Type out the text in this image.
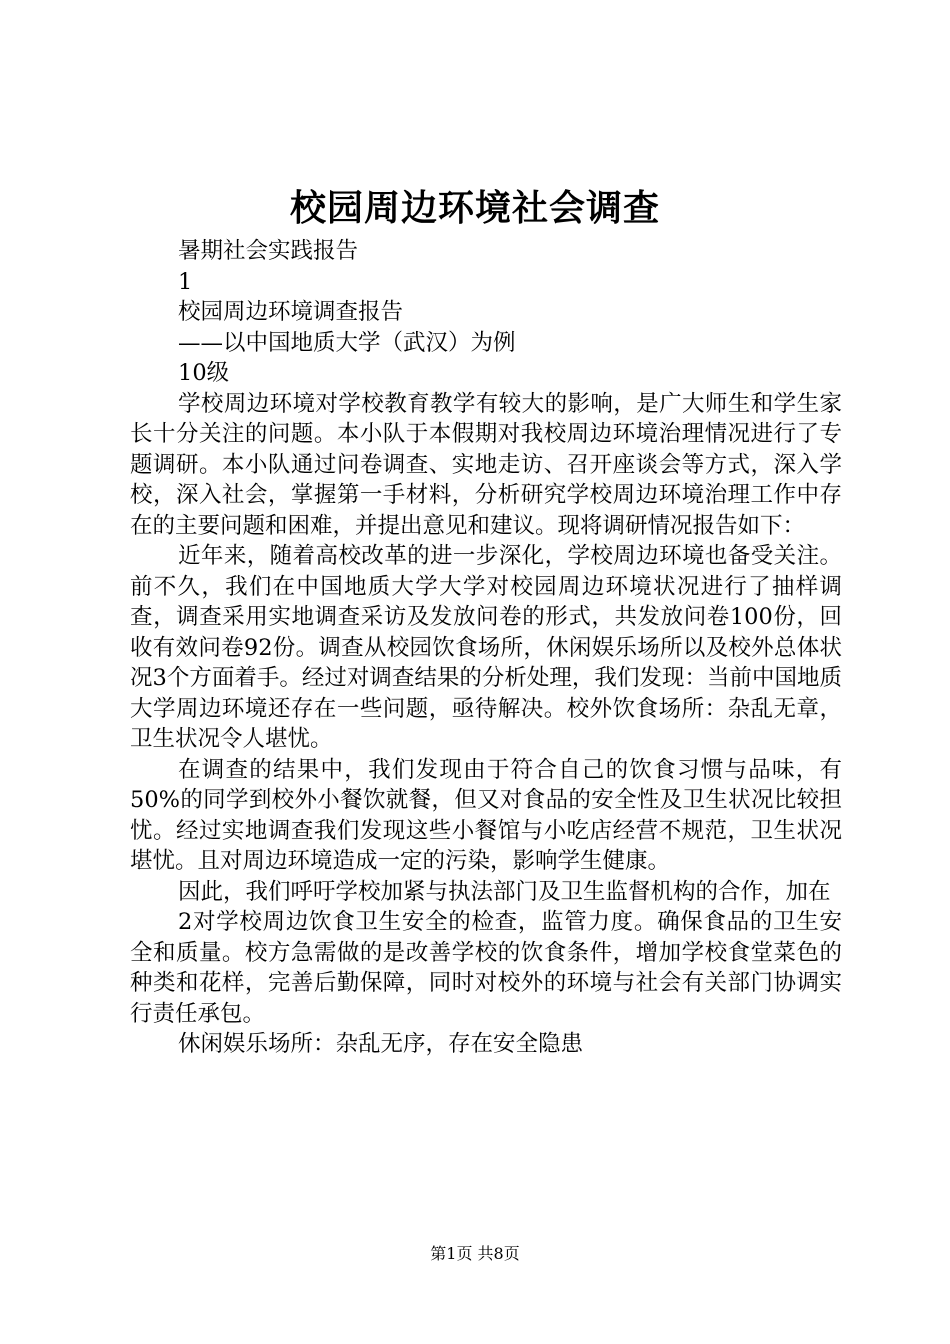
校园周边环境社会调查
暑期社会实践报告
1
校园周边环境调查报告
——以中国地质大学（武汉）为例
10级

学校周边环境对学校教育教学有较大的影响，是广大师生和学生家长十分关注的问题。本小队于本假期对我校周边环境治理情况进行了专题调研。本小队通过问卷调查、实地走访、召开座谈会等方式，深入学校，深入社会，掌握第一手材料，分析研究学校周边环境治理工作中存在的主要问题和困难，并提出意见和建议。现将调研情况报告如下：

近年来，随着高校改革的进一步深化，学校周边环境也备受关注。前不久，我们在中国地质大学大学对校园周边环境状况进行了抽样调查，调查采用实地调查采访及发放问卷的形式，共发放问卷100份，回收有效问卷92份。调查从校园饮食场所，休闲娱乐场所以及校外总体状况3个方面着手。经过对调查结果的分析处理，我们发现：当前中国地质大学周边环境还存在一些问题，亟待解决。校外饮食场所：杂乱无章，卫生状况令人堪忧。

在调查的结果中，我们发现由于符合自己的饮食习惯与品味，有50%的同学到校外小餐饮就餐，但又对食品的安全性及卫生状况比较担忧。经过实地调查我们发现这些小餐馆与小吃店经营不规范，卫生状况堪忧。且对周边环境造成一定的污染，影响学生健康。

因此，我们呼吁学校加紧与执法部门及卫生监督机构的合作，加在

2对学校周边饮食卫生安全的检查，监管力度。确保食品的卫生安全和质量。校方急需做的是改善学校的饮食条件，增加学校食堂菜色的种类和花样，完善后勤保障，同时对校外的环境与社会有关部门协调实行责任承包。

休闲娱乐场所：杂乱无序，存在安全隐患

第1页 共8页
